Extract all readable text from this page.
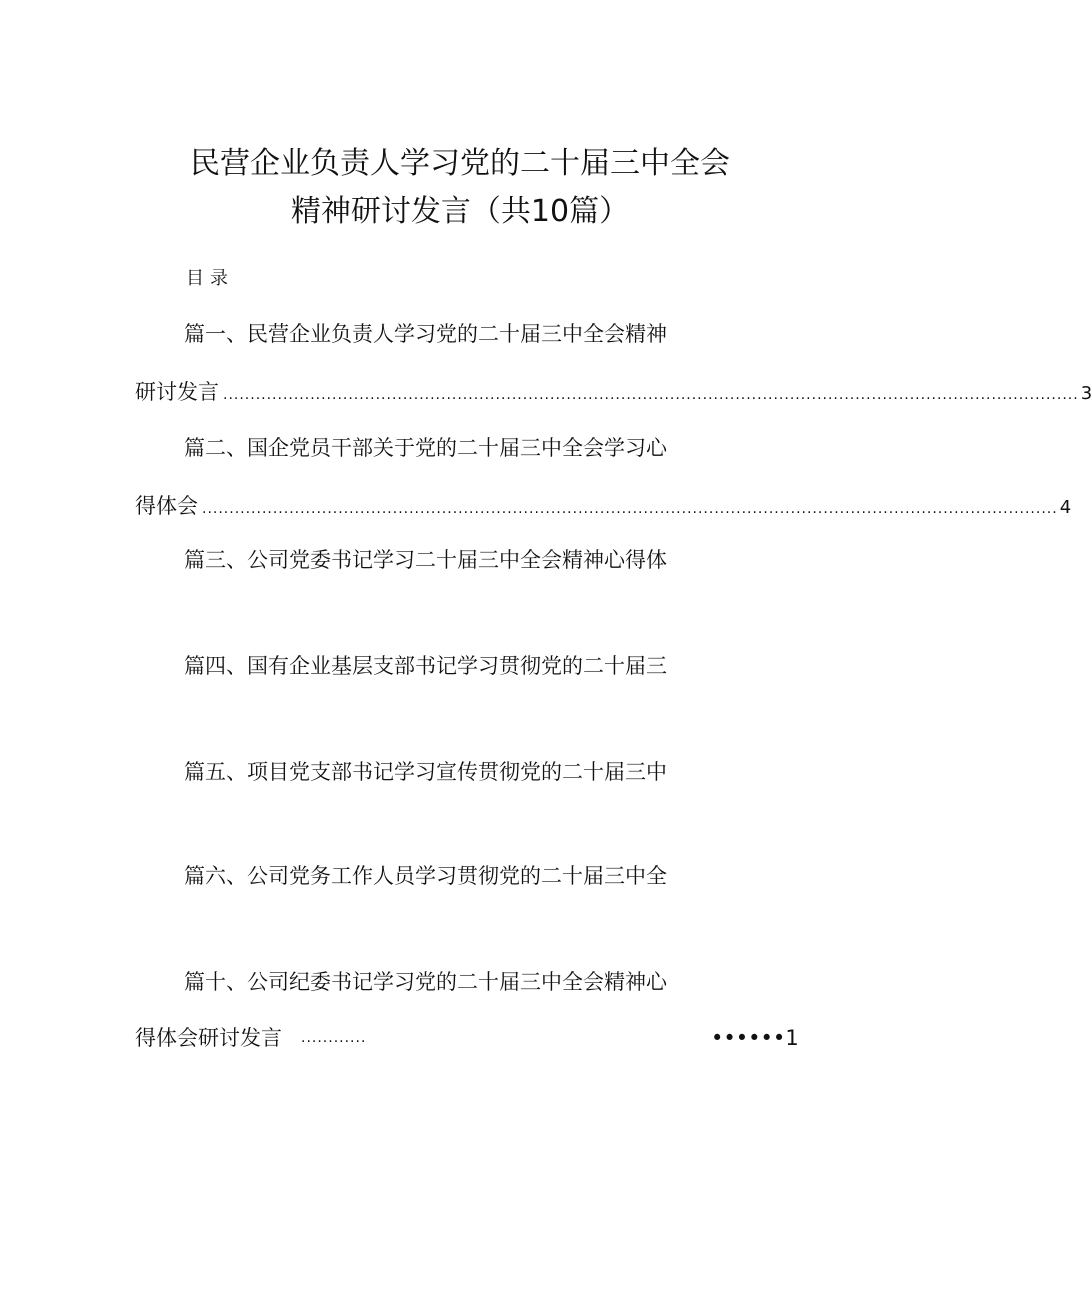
民营企业负责人学习党的二十届三中全会
精神研讨发言（共10篇）
目录
篇一、民营企业负责人学习党的二十届三中全会精神
研讨发言 ............................................................................................................................................................. 3
篇二、国企党员干部关于党的二十届三中全会学习心
得体会 ............................................................................................................................................................. 4
篇三、公司党委书记学习二十届三中全会精神心得体
篇四、国有企业基层支部书记学习贯彻党的二十届三
篇五、项目党支部书记学习宣传贯彻党的二十届三中
篇六、公司党务工作人员学习贯彻党的二十届三中全
篇十、公司纪委书记学习党的二十届三中全会精神心
得体会研讨发言 ............	••••••1
